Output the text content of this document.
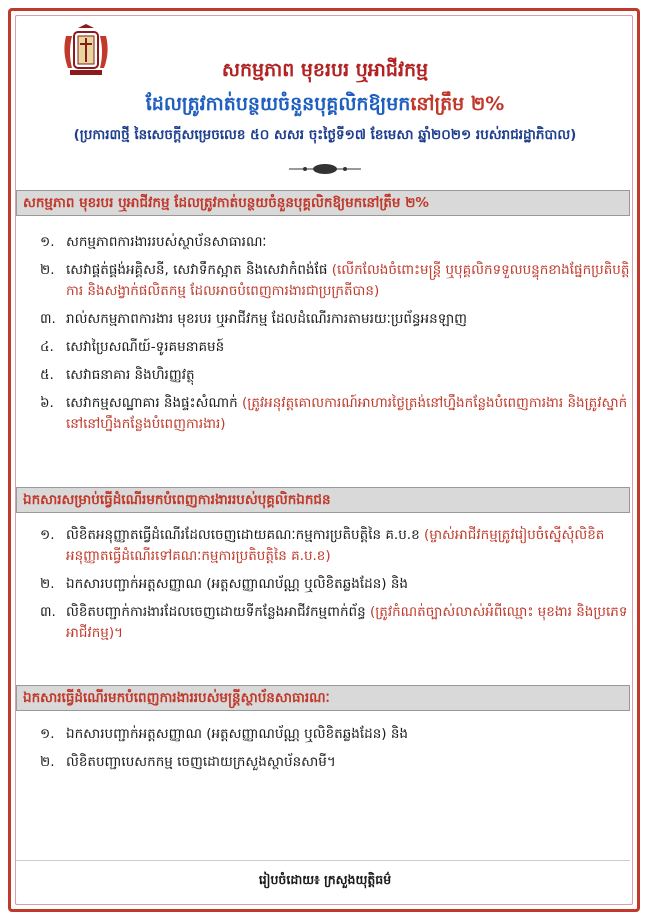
សកម្មភាព មុខរបរ ឬអាជីវកម្ម
ដែលត្រូវកាត់បន្ថយចំនួនបុគ្គលិកឱ្យមកនៅត្រឹម ២%
(ប្រការ៣ថ្មី នៃសេចក្តីសម្រេចលេខ ៥០ សសរ ចុះថ្ងៃទី១៧ ខែមេសា ឆ្នាំ២០២១ របស់រាជរដ្ឋាភិបាល)
សកម្មភាព មុខរបរ ឬអាជីវកម្ម ដែលត្រូវកាត់បន្ថយចំនួនបុគ្គលិកឱ្យមកនៅត្រឹម ២%
១. សកម្មភាពការងាររបស់ស្ថាប័នសាធារណៈ
២. សេវាផ្គត់ផ្គង់អគ្គិសនី, សេវាទឹកស្អាត និងសេវាកំពង់ផែ (លើកលែងចំពោះមន្ត្រី ឬបុគ្គលិកទទួលបន្ទុកខាងផ្នែកប្រតិបត្តិការ និងសង្វាក់ផលិតកម្ម ដែលអាចបំពេញការងារជាប្រក្រតីបាន)
៣. រាល់សកម្មភាពការងារ មុខរបរ ឬអាជីវកម្ម ដែលដំណើរការតាមរយៈប្រព័ន្ធអនឡាញ
៤. សេវាប្រៃសណីយ៍-ទូរគមនាគមន៍
៥. សេវាធនាគារ និងហិរញ្ញវត្ថុ
៦. សេវាកម្មសណ្ឋាគារ និងផ្ទះសំណាក់ (ត្រូវអនុវត្តគោលការណ៍អាហារថ្ងៃត្រង់នៅហ្នឹងកន្លែងបំពេញការងារ និងត្រូវស្នាក់នៅនៅហ្នឹងកន្លែងបំពេញការងារ)
ឯកសារសម្រាប់ធ្វើដំណើរមកបំពេញការងាររបស់បុគ្គលិកឯកជន
១. លិខិតអនុញ្ញាតធ្វើដំណើរដែលចេញដោយគណៈកម្មការប្រតិបត្តិនៃ គ.ប.ខ (ម្ចាស់អាជីវកម្មត្រូវរៀបចំស្នើសុំលិខិតអនុញ្ញាតធ្វើដំណើរទៅគណៈកម្មការប្រតិបត្តិនៃ គ.ប.ខ)
២. ឯកសារបញ្ជាក់អត្តសញ្ញាណ (អត្តសញ្ញាណប័ណ្ណ ឬលិខិតឆ្លងដែន) និង
៣. លិខិតបញ្ជាក់ការងារដែលចេញដោយទីកន្លែងអាជីវកម្មពាក់ព័ន្ធ (ត្រូវកំណត់ច្បាស់លាស់អំពីឈ្មោះ មុខងារ និងប្រភេទអាជីវកម្ម)។
ឯកសារធ្វើដំណើរមកបំពេញការងាររបស់មន្ត្រីស្ថាប័នសាធារណៈ
១. ឯកសារបញ្ជាក់អត្តសញ្ញាណ (អត្តសញ្ញាណប័ណ្ណ ឬលិខិតឆ្លងដែន) និង
២. លិខិតបញ្ជាបេសកកម្ម ចេញដោយក្រសួងស្ថាប័នសាមី។
រៀបចំដោយ៖ ក្រសួងយុត្តិធម៌
